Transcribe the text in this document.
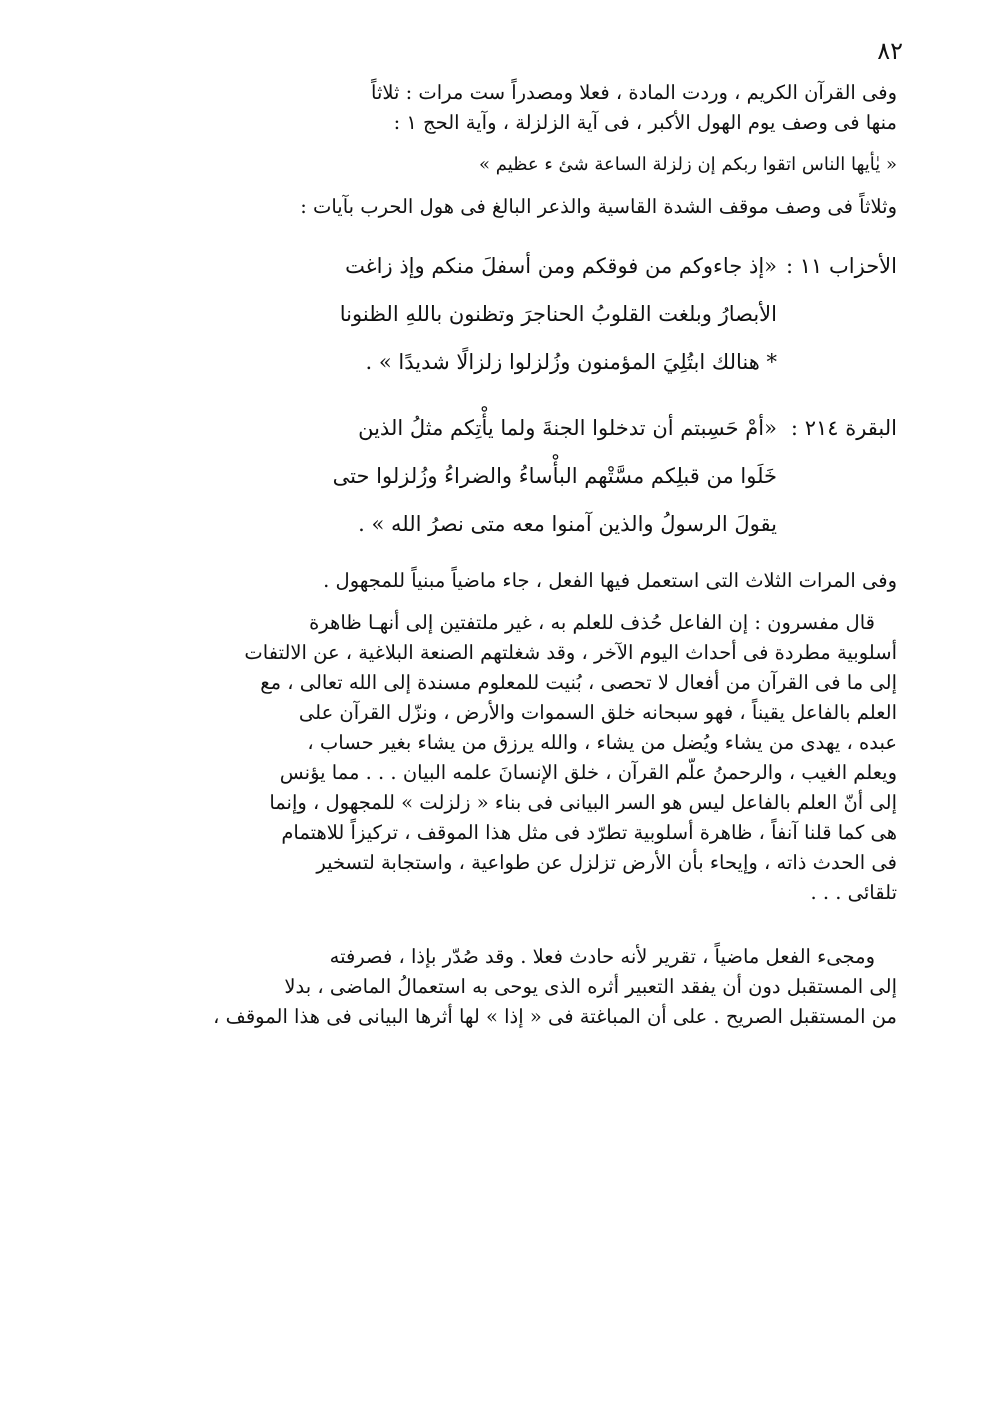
٨٢
وفى القرآن الكريم ، وردت المادة ، فعلا ومصدراً ست مرات : ثلاثاً
منها فى وصف يوم الهول الأكبر ، فى آية الزلزلة ، وآية الحج ١ :
« يٰأيها الناس اتقوا ربكم إن زلزلة الساعة شئ ء عظيم »
وثلاثاً فى وصف موقف الشدة القاسية والذعر البالغ فى هول الحرب بآيات :
الأحزاب ١١ :
«إذ جاءوكم من فوقكم ومن أسفلَ منكم وإذ زاغت
الأبصارُ وبلغت القلوبُ الحناجرَ وتظنون باللهِ الظنونا
* هنالك ابتُلِيَ المؤمنون وزُلزلوا زلزالًا شديدًا » .
البقرة ٢١٤ :
«أمْ حَسِبتم أن تدخلوا الجنةَ ولما يأْتِكم مثلُ الذين
خَلَوا من قبلِكم مسَّتْهم البأْساءُ والضراءُ وزُلزلوا حتى
يقولَ الرسولُ والذين آمنوا معه متى نصرُ الله » .
وفى المرات الثلاث التى استعمل فيها الفعل ، جاء ماضياً مبنياً للمجهول .
قال مفسرون : إن الفاعل حُذف للعلم به ، غير ملتفتين إلى أنهـا ظاهرة
أسلوبية مطردة فى أحداث اليوم الآخر ، وقد شغلتهم الصنعة البلاغية ، عن الالتفات
إلى ما فى القرآن من أفعال لا تحصى ، بُنيت للمعلوم مسندة إلى الله تعالى ، مع
العلم بالفاعل يقيناً ، فهو سبحانه خلق السموات والأرض ، ونزّل القرآن على
عبده ، يهدى من يشاء ويُضل من يشاء ، والله يرزق من يشاء بغير حساب ،
ويعلم الغيب ، والرحمنُ علّم القرآن ، خلق الإنسانَ علمه البيان . . . مما يؤنس
إلى أنّ العلم بالفاعل ليس هو السر البيانى فى بناء « زلزلت » للمجهول ، وإنما
هى كما قلنا آنفاً ، ظاهرة أسلوبية تطرّد فى مثل هذا الموقف ، تركيزاً للاهتمام
فى الحدث ذاته ، وإيحاء بأن الأرض تزلزل عن طواعية ، واستجابة لتسخير
تلقائى . . .
ومجىء الفعل ماضياً ، تقرير لأنه حادث فعلا . وقد صُدّر بإذا ، فصرفته
إلى المستقبل دون أن يفقد التعبير أثره الذى يوحى به استعمالُ الماضى ، بدلا
من المستقبل الصريح . على أن المباغتة فى « إذا » لها أثرها البيانى فى هذا الموقف ،
